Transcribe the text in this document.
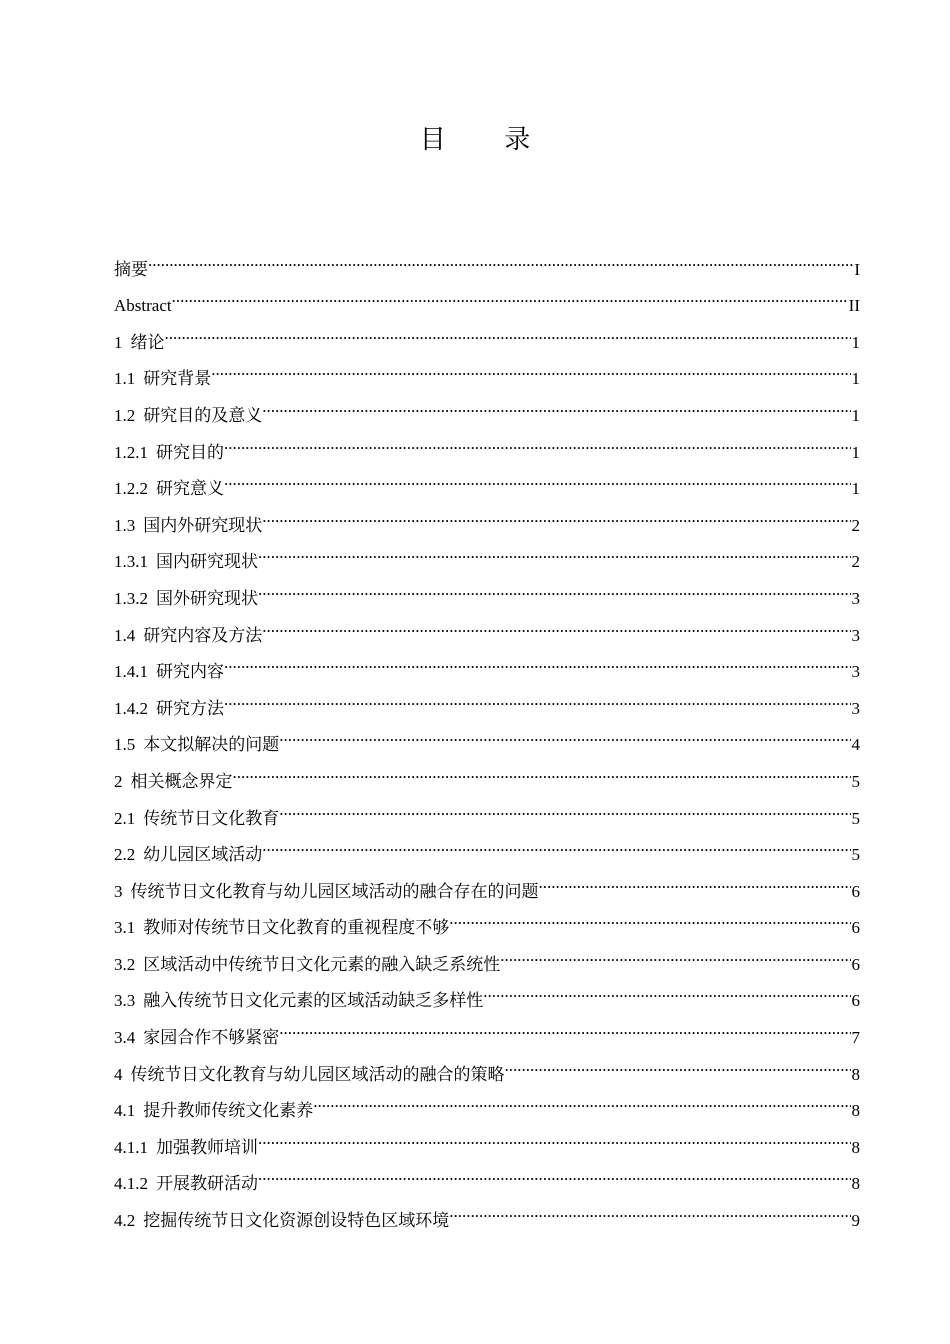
目 录
摘要 .....	I
Abstract .....	II
1 绪论 .....	1
1.1 研究背景 .....	1
1.2 研究目的及意义 .....	1
1.2.1 研究目的 .....	1
1.2.2 研究意义 .....	1
1.3 国内外研究现状 .....	2
1.3.1 国内研究现状 .....	2
1.3.2 国外研究现状 .....	3
1.4 研究内容及方法 .....	3
1.4.1 研究内容 .....	3
1.4.2 研究方法 .....	3
1.5 本文拟解决的问题 .....	4
2 相关概念界定 .....	5
2.1 传统节日文化教育 .....	5
2.2 幼儿园区域活动 .....	5
3 传统节日文化教育与幼儿园区域活动的融合存在的问题 .....	6
3.1 教师对传统节日文化教育的重视程度不够 .....	6
3.2 区域活动中传统节日文化元素的融入缺乏系统性 .....	6
3.3 融入传统节日文化元素的区域活动缺乏多样性 .....	6
3.4 家园合作不够紧密 .....	7
4 传统节日文化教育与幼儿园区域活动的融合的策略 .....	8
4.1 提升教师传统文化素养 .....	8
4.1.1 加强教师培训 .....	8
4.1.2 开展教研活动 .....	8
4.2 挖掘传统节日文化资源创设特色区域环境 .....	9
